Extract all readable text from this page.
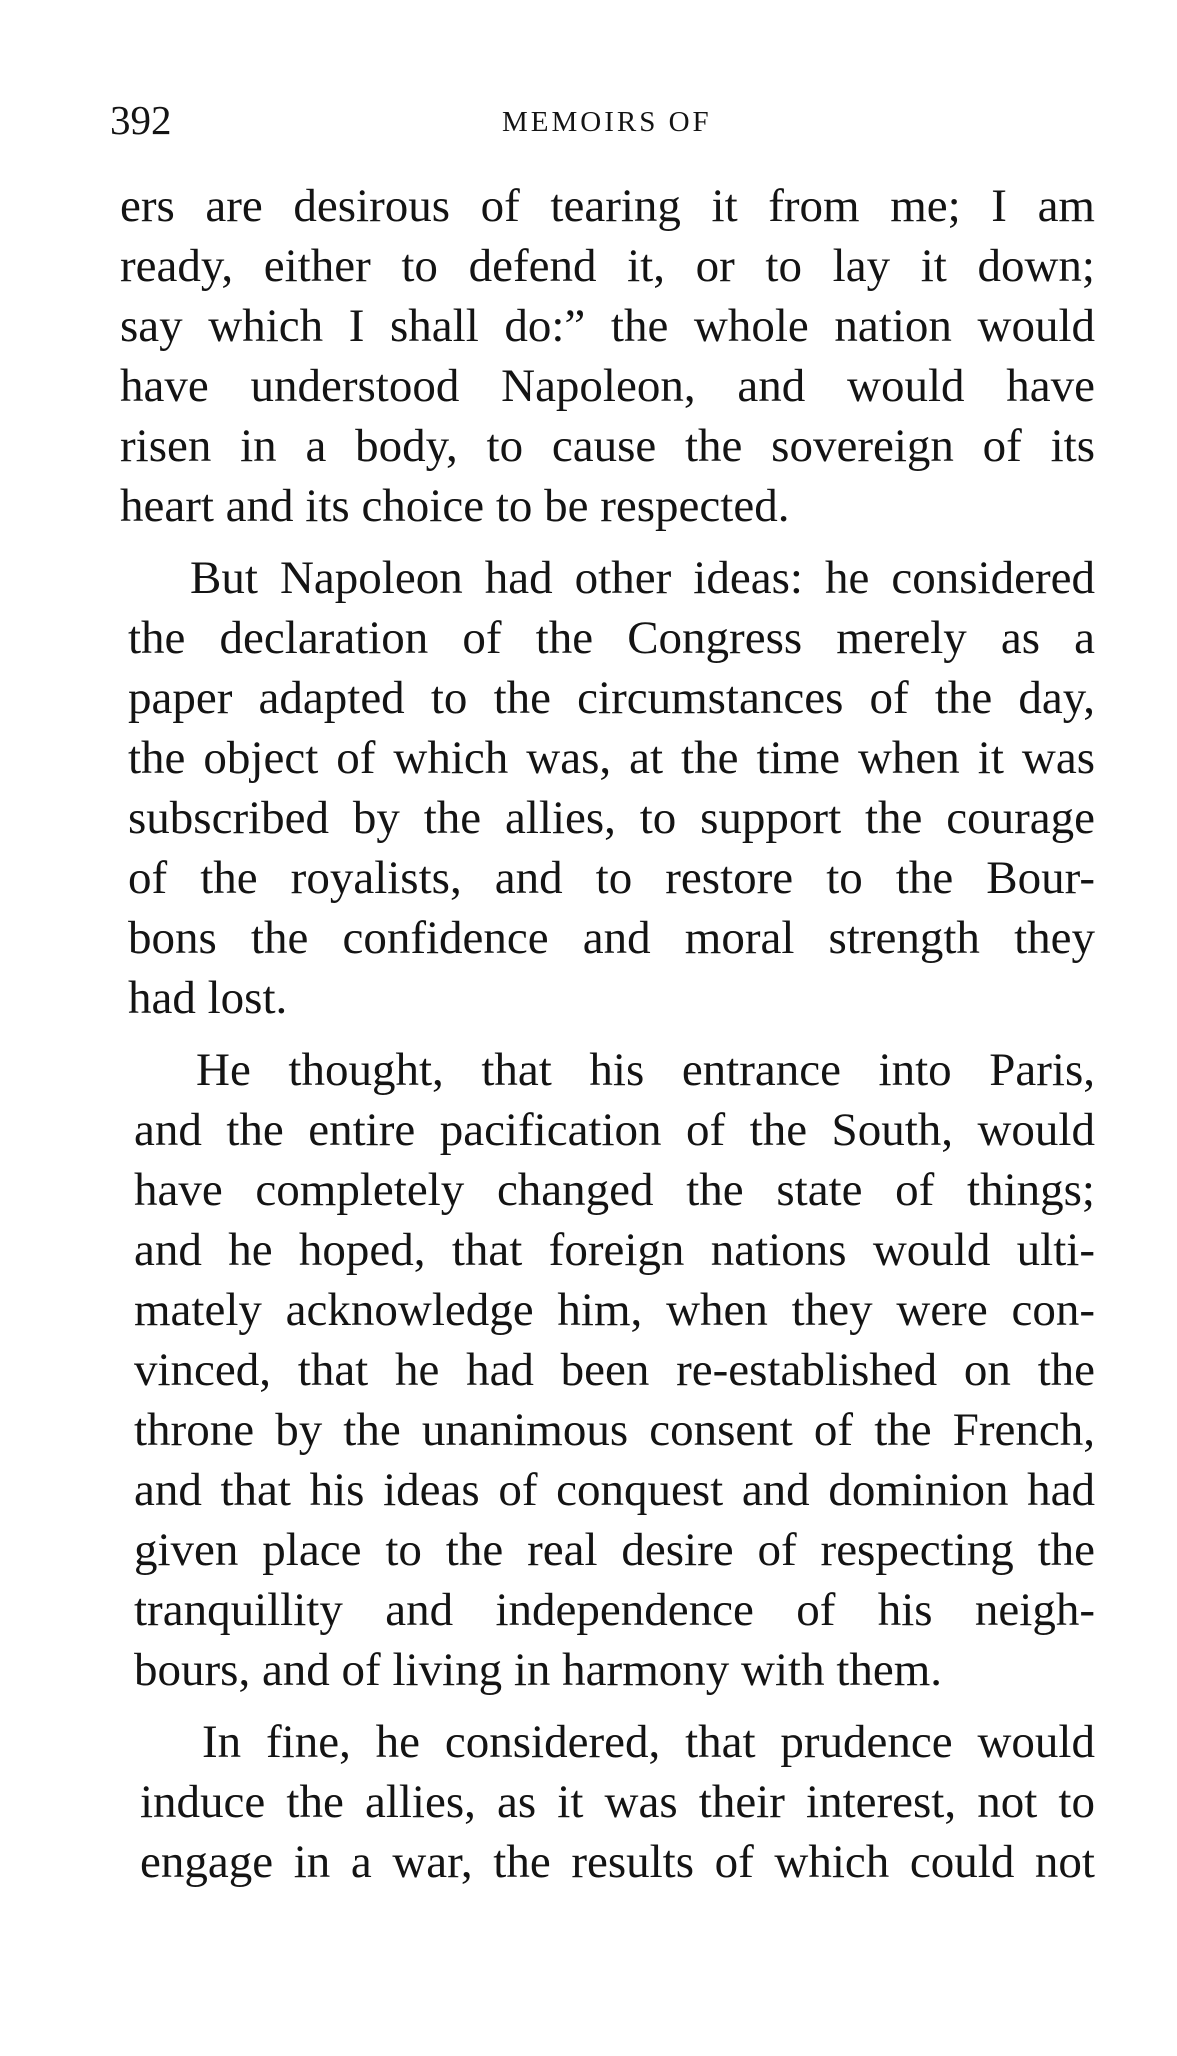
392	MEMOIRS OF

ers are desirous of tearing it from me; I am
ready, either to defend it, or to lay it down;
say which I shall do:” the whole nation would
have understood Napoleon, and would have
risen in a body, to cause the sovereign of its
heart and its choice to be respected.

But Napoleon had other ideas: he considered
the declaration of the Congress merely as a
paper adapted to the circumstances of the day,
the object of which was, at the time when it was
subscribed by the allies, to support the courage
of the royalists, and to restore to the Bour-
bons the confidence and moral strength they
had lost.

He thought, that his entrance into Paris,
and the entire pacification of the South, would
have completely changed the state of things;
and he hoped, that foreign nations would ulti-
mately acknowledge him, when they were con-
vinced, that he had been re-established on the
throne by the unanimous consent of the French,
and that his ideas of conquest and dominion had
given place to the real desire of respecting the
tranquillity and independence of his neigh-
bours, and of living in harmony with them.

In fine, he considered, that prudence would
induce the allies, as it was their interest, not to
engage in a war, the results of which could not
